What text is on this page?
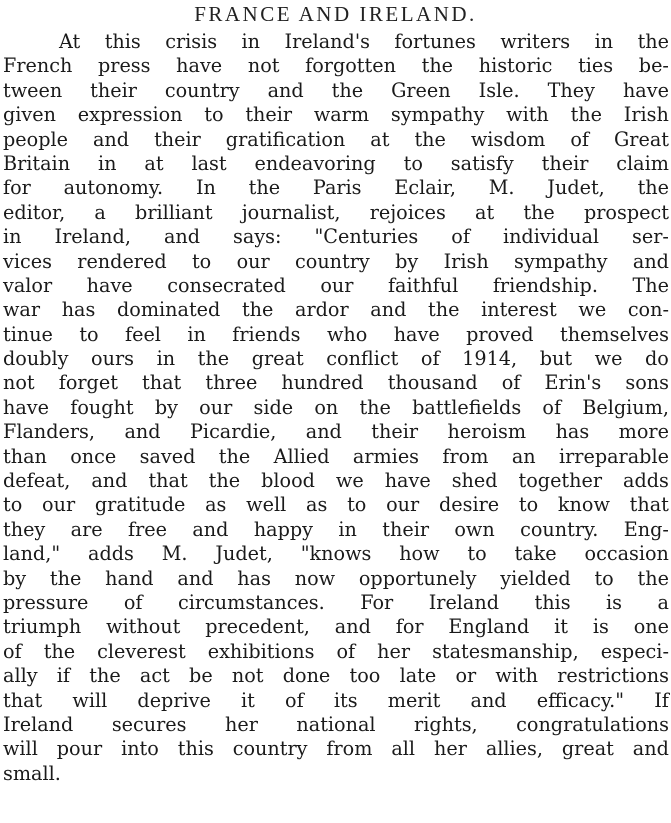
FRANCE AND IRELAND.
At this crisis in Ireland's fortunes writers in the
French press have not forgotten the historic ties be-
tween their country and the Green Isle. They have
given expression to their warm sympathy with the Irish
people and their gratification at the wisdom of Great
Britain in at last endeavoring to satisfy their claim
for autonomy. In the Paris Eclair, M. Judet, the
editor, a brilliant journalist, rejoices at the prospect
in Ireland, and says: "Centuries of individual ser-
vices rendered to our country by Irish sympathy and
valor have consecrated our faithful friendship. The
war has dominated the ardor and the interest we con-
tinue to feel in friends who have proved themselves
doubly ours in the great conflict of 1914, but we do
not forget that three hundred thousand of Erin's sons
have fought by our side on the battlefields of Belgium,
Flanders, and Picardie, and their heroism has more
than once saved the Allied armies from an irreparable
defeat, and that the blood we have shed together adds
to our gratitude as well as to our desire to know that
they are free and happy in their own country. Eng-
land," adds M. Judet, "knows how to take occasion
by the hand and has now opportunely yielded to the
pressure of circumstances. For Ireland this is a
triumph without precedent, and for England it is one
of the cleverest exhibitions of her statesmanship, especi-
ally if the act be not done too late or with restrictions
that will deprive it of its merit and efficacy." If
Ireland secures her national rights, congratulations
will pour into this country from all her allies, great and
small.
